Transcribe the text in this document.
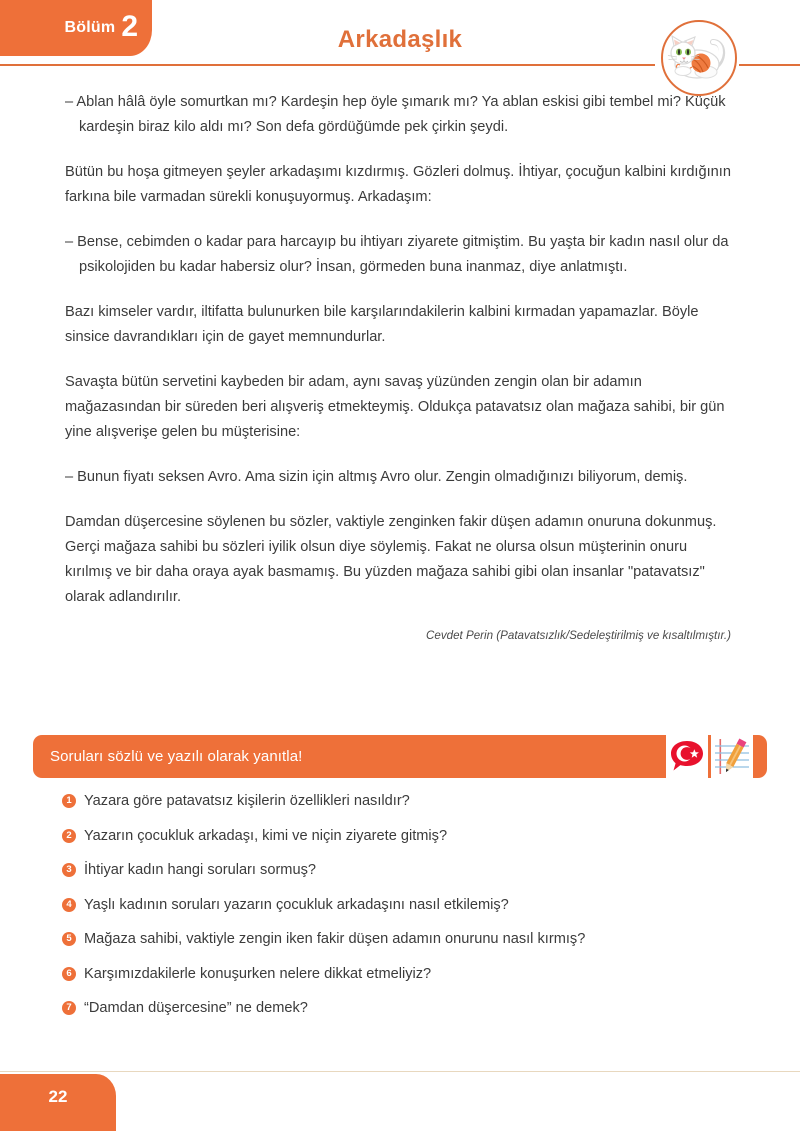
Bölüm 2	Arkadaşlık

– Ablan hâlâ öyle somurtkan mı? Kardeşin hep öyle şımarık mı? Ya ablan eskisi gibi tembel mi? Küçük kardeşin biraz kilo aldı mı? Son defa gördüğümde pek çirkin şeydi.

Bütün bu hoşa gitmeyen şeyler arkadaşımı kızdırmış. Gözleri dolmuş. İhtiyar, çocuğun kalbini kırdığının farkına bile varmadan sürekli konuşuyormuş. Arkadaşım:

– Bense, cebimden o kadar para harcayıp bu ihtiyarı ziyarete gitmiştim. Bu yaşta bir kadın nasıl olur da psikolojiden bu kadar habersiz olur? İnsan, görmeden buna inanmaz, diye anlatmıştı.

Bazı kimseler vardır, iltifatta bulunurken bile karşılarındakilerin kalbini kırmadan yapamazlar. Böyle sinsice davrandıkları için de gayet memnundurlar.

Savaşta bütün servetini kaybeden bir adam, aynı savaş yüzünden zengin olan bir adamın mağazasından bir süreden beri alışveriş etmekteymiş. Oldukça patavatsız olan mağaza sahibi, bir gün yine alışverişe gelen bu müşterisine:

– Bunun fiyatı seksen Avro. Ama sizin için altmış Avro olur. Zengin olmadığınızı biliyorum, demiş.

Damdan düşercesine söylenen bu sözler, vaktiyle zenginken fakir düşen adamın onuruna dokunmuş. Gerçi mağaza sahibi bu sözleri iyilik olsun diye söylemiş. Fakat ne olursa olsun müşterinin onuru kırılmış ve bir daha oraya ayak basmamış. Bu yüzden mağaza sahibi gibi olan insanlar "patavatsız" olarak adlandırılır.

Cevdet Perin (Patavatsızlık/Sedeleştirilmiş ve kısaltılmıştır.)

Soruları sözlü ve yazılı olarak yanıtla!
1 Yazara göre patavatsız kişilerin özellikleri nasıldır?
2 Yazarın çocukluk arkadaşı, kimi ve niçin ziyarete gitmiş?
3 İhtiyar kadın hangi soruları sormuş?
4 Yaşlı kadının soruları yazarın çocukluk arkadaşını nasıl etkilemiş?
5 Mağaza sahibi, vaktiyle zengin iken fakir düşen adamın onurunu nasıl kırmış?
6 Karşımızdakilerle konuşurken nelere dikkat etmeliyiz?
7 “Damdan düşercesine” ne demek?
22
